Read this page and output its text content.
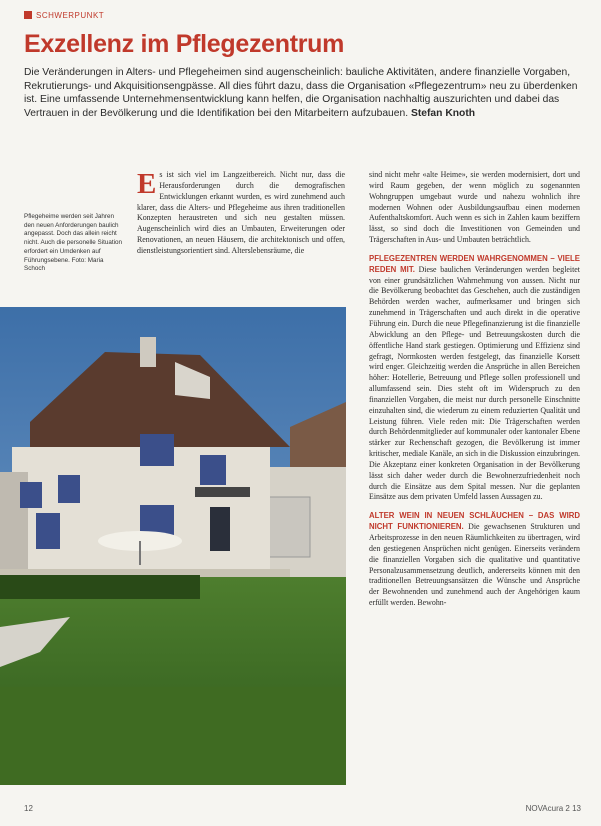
SCHWERPUNKT
Exzellenz im Pflegezentrum

Die Veränderungen in Alters- und Pflegeheimen sind augenscheinlich: bauliche Aktivitäten, andere finanzielle Vorgaben, Rekrutierungs- und Akquisitionsengpässe. All dies führt dazu, dass die Organisation «Pflegezentrum» neu zu überdenken ist. Eine umfassende Unternehmensentwicklung kann helfen, die Organisation nachhaltig auszurichten und dabei das Vertrauen in der Bevölkerung und die Identifikation bei den Mitarbeitern aufzubauen. Stefan Knoth

Pflegeheime werden seit Jahren den neuen Anforderungen baulich angepasst. Doch das allein reicht nicht. Auch die personelle Situation erfordert ein Umdenken auf Führungsebene. Foto: Maria Schoch

Es ist sich viel im Langzeitbereich. Nicht nur, dass die Herausforderungen durch die demografischen Entwicklungen erkannt wurden, es wird zunehmend auch klarer, dass die Alters- und Pflegeheime aus ihren traditionellen Konzepten heraustreten und sich neu gestalten müssen. Augenscheinlich wird dies an Umbauten, Erweiterungen oder Renovationen, an neuen Häusern, die architektonisch und offen, dienstleistungsorientiert sind. Alterslebensräume, die

sind nicht mehr «alte Heime», sie werden modernisiert, dort und wird Raum gegeben, der wenn möglich zu sogenannten Wohngruppen umgebaut wurde und nahezu wohnlich ihre modernen Wohnen oder Ausbildungsaufbau einen modernen Aufenthaltskomfort. Auch wenn es sich in Zahlen kaum beziffern lässt, so sind doch die Investitionen von Gemeinden und Trägerschaften in Aus- und Umbauten beträchtlich.
PFLEGEZENTREN WERDEN WAHRGENOMMEN – VIELE REDEN MIT. Diese baulichen Veränderungen werden begleitet von einer grundsätzlichen Wahrnehmung von aussen. Nicht nur die Bevölkerung beobachtet das Geschehen, auch die zuständigen Behörden werden wacher, aufmerksamer und bringen sich zunehmend in Trägerschaften und auch direkt in die operative Führung ein. Durch die neue Pflegefinanzierung ist die finanzielle Abwicklung an den Pflege- und Betreuungskosten durch die öffentliche Hand stark gestiegen. Optimierung und Effizienz sind gefragt, Normkosten werden festgelegt, das finanzielle Korsett wird enger. Gleichzeitig werden die Ansprüche in allen Bereichen höher: Hotellerie, Betreuung und Pflege sollen professionell und allumfassend sein. Dies steht oft im Widerspruch zu den finanziellen Vorgaben, die meist nur durch personelle Einschnitte einzuhalten sind, die wiederum zu einem reduzierten Qualität und Leistung führen. Viele reden mit: Die Trägerschaften werden durch Behördenmitglieder auf kommunaler oder kantonaler Ebene stärker zur Rechenschaft gezogen, die Bevölkerung ist immer kritischer, mediale Kanäle, an sich in die Diskussion einzubringen. Die Akzeptanz einer konkreten Organisation in der Bevölkerung lässt sich daher weder durch die Bewohnerzufriedenheit noch durch die Einsätze aus dem Spital messen. Nur die geplanten Einsätze aus dem privaten Umfeld lassen Aussagen zu.
ALTER WEIN IN NEUEN SCHLÄUCHEN – DAS WIRD NICHT FUNKTIONIEREN. Die gewachsenen Strukturen und Arbeitsprozesse in den neuen Räumlichkeiten zu übertragen, wird den gestiegenen Ansprüchen nicht genügen. Einerseits verändern die finanziellen Vorgaben sich die qualitative und quantitative Personalzusammensetzung deutlich, andererseits können mit den traditionellen Betreuungsansätzen die Wünsche und Ansprüche der Bewohnenden und zunehmend auch der Angehörigen kaum erfüllt werden. Bewohn-
12	NOVAcura 2 13
